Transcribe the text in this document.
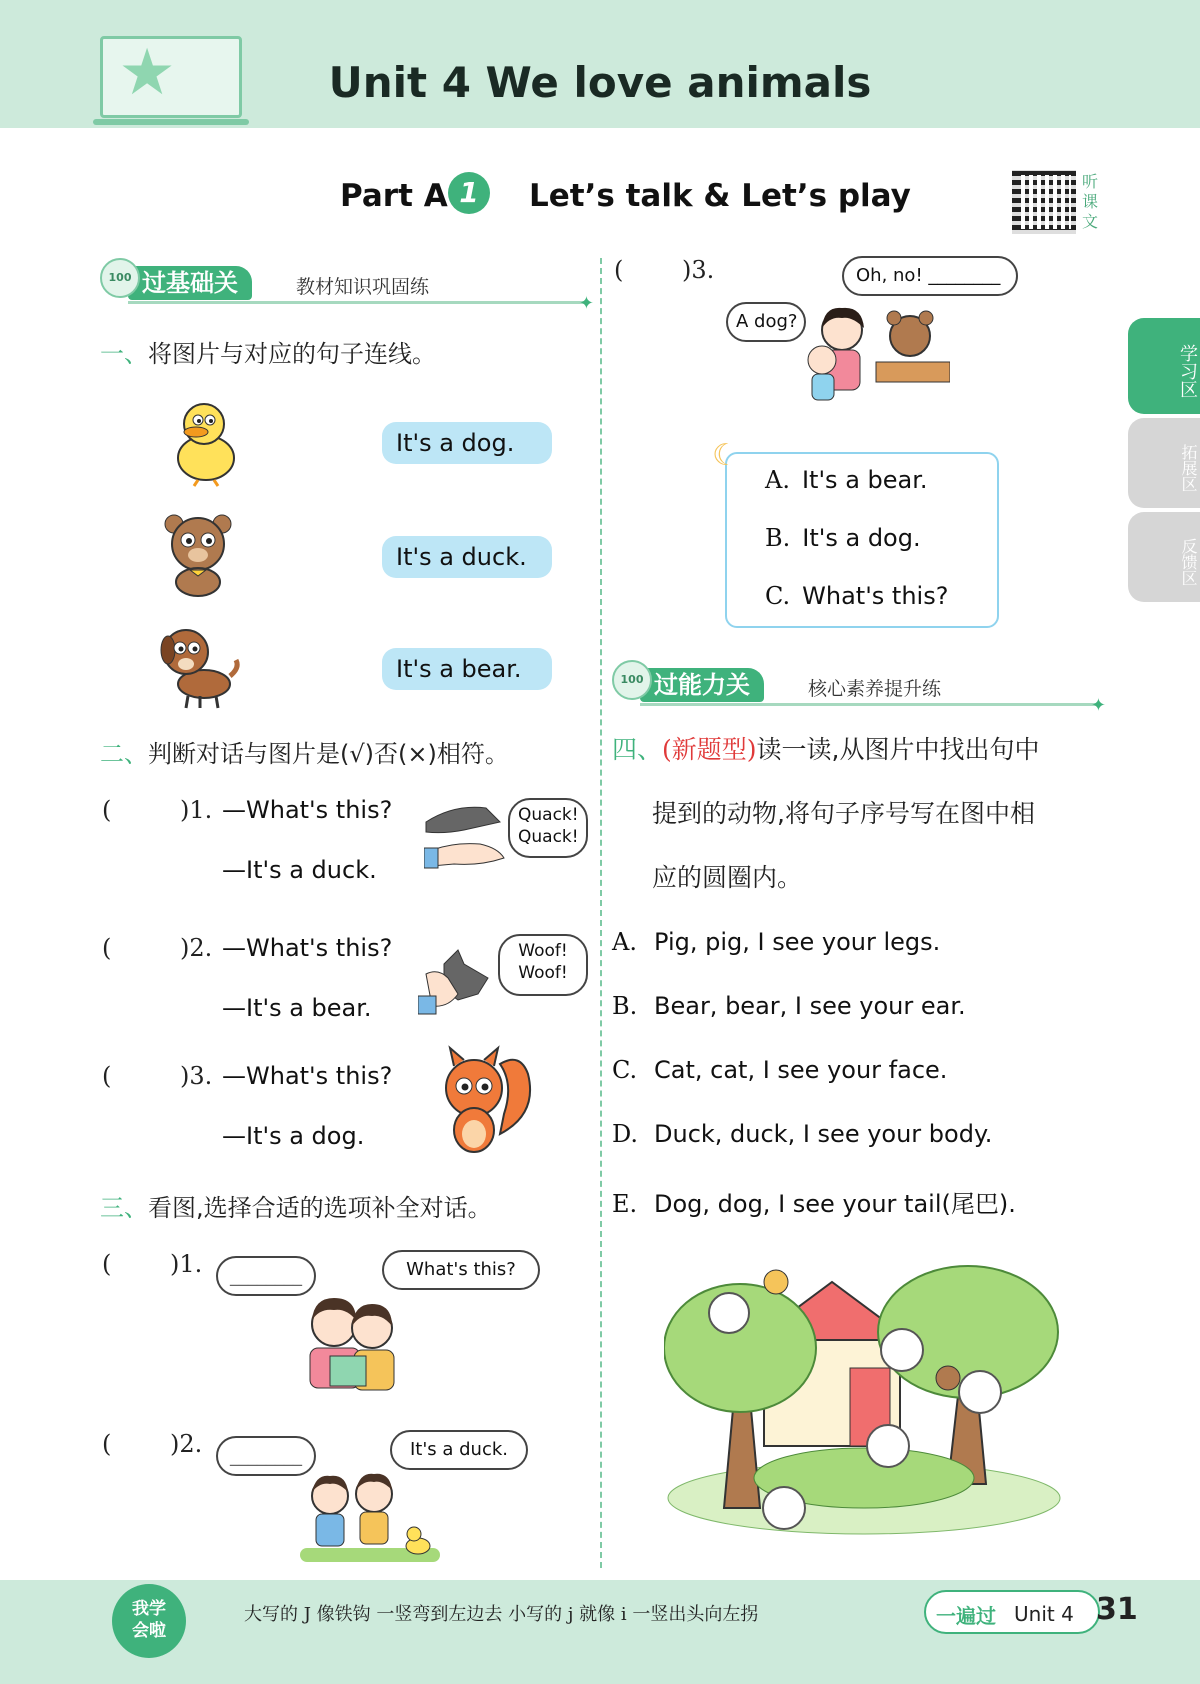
★	Unit 4 We love animals
Part A 1	Let’s talk & Let’s play	听课文
过基础关
100	教材知识巩固练
✦
一、将图片与对应的句子连线。
It's a dog.
It's a duck.
It's a bear.
二、判断对话与图片是(√)否(×)相符。
(	)1. —What's this?
—It's a duck.
Quack!
Quack!
(	)2. —What's this?
—It's a bear.
Woof!
Woof!
(	)3. —What's this?
—It's a dog.
三、看图,选择合适的选项补全对话。
( )1.	________	What's this?
( )2.	________	It's a duck.
( )3.	Oh, no! ________
A dog?
A. It's a bear.
B. It's a dog.
C. What's this?
☾
过能力关
100	核心素养提升练
✦
四、(新题型)读一读,从图片中找出句中
提到的动物,将句子序号写在图中相
应的圆圈内。
A. Pig, pig, I see your legs.
B. Bear, bear, I see your ear.
C. Cat, cat, I see your face.
D. Duck, duck, I see your body.
E. Dog, dog, I see your tail(尾巴).
学习区
拓展区
反馈区
我学
会啦
大写的 J 像铁钩 一竖弯到左边去 小写的 j 就像 i 一竖出头向左拐	一遍过 Unit 4 31
